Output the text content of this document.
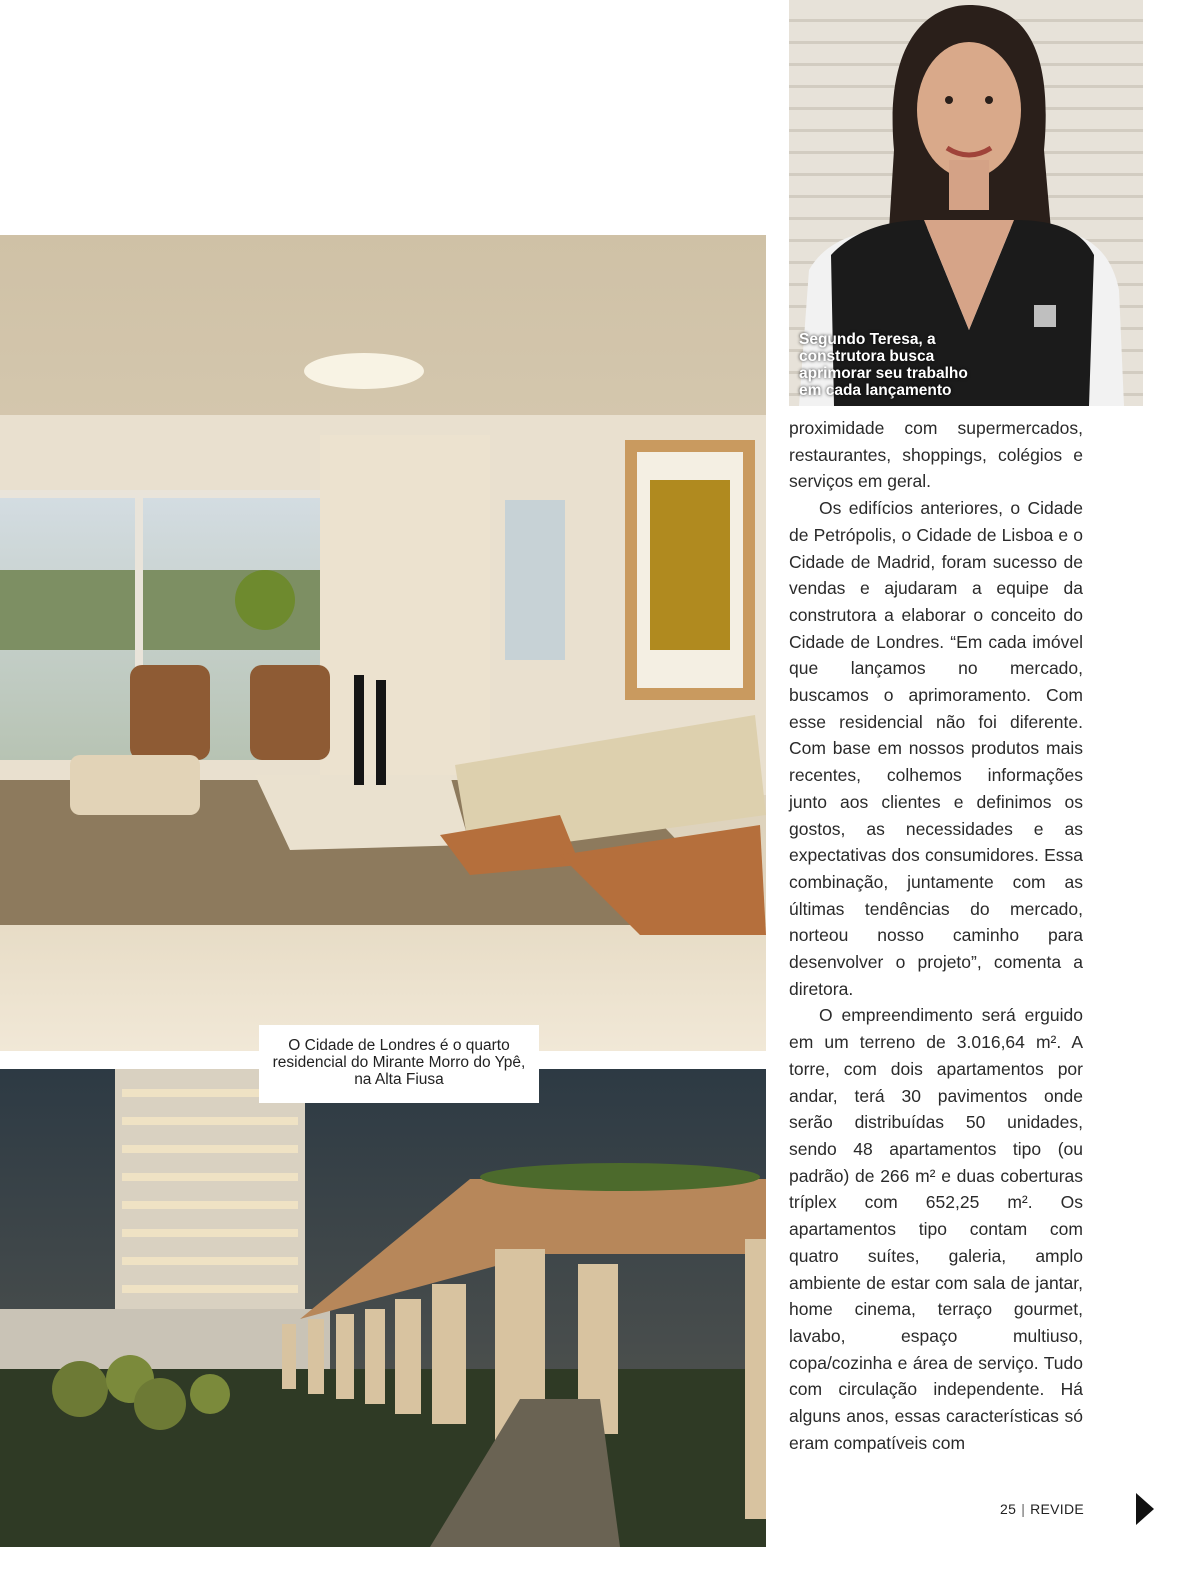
Segundo Teresa, a construtora busca aprimorar seu trabalho em cada lançamento

O Cidade de Londres é o quarto residencial do Mirante Morro do Ypê, na Alta Fiusa

proximidade com supermercados, restaurantes, shoppings, colégios e serviços em geral.

Os edifícios anteriores, o Cidade de Petrópolis, o Cidade de Lisboa e o Cidade de Madrid, foram sucesso de vendas e ajudaram a equipe da construtora a elaborar o conceito do Cidade de Londres. “Em cada imóvel que lançamos no mercado, buscamos o aprimoramento. Com esse residencial não foi diferente. Com base em nossos produtos mais recentes, colhemos informações junto aos clientes e definimos os gostos, as necessidades e as expectativas dos consumidores. Essa combinação, juntamente com as últimas tendências do mercado, norteou nosso caminho para desenvolver o projeto”, comenta a diretora.

O empreendimento será erguido em um terreno de 3.016,64 m². A torre, com dois apartamentos por andar, terá 30 pavimentos onde serão distribuídas 50 unidades, sendo 48 apartamentos tipo (ou padrão) de 266 m² e duas coberturas tríplex com 652,25 m². Os apartamentos tipo contam com quatro suítes, galeria, amplo ambiente de estar com sala de jantar, home cinema, terraço gourmet, lavabo, espaço multiuso, copa/cozinha e área de serviço. Tudo com circulação independente. Há alguns anos, essas características só eram compatíveis com

25 | REVIDE
